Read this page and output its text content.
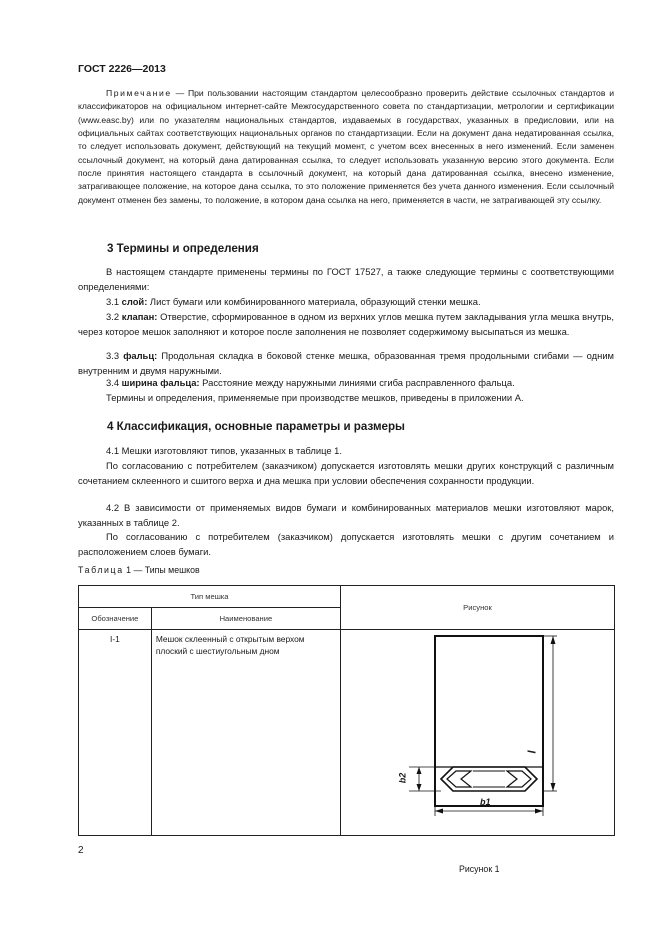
ГОСТ 2226—2013
Примечание — При пользовании настоящим стандартом целесообразно проверить действие ссылочных стандартов и классификаторов на официальном интернет-сайте Межгосударственного совета по стандартизации, метрологии и сертификации (www.easc.by) или по указателям национальных стандартов, издаваемых в государствах, указанных в предисловии, или на официальных сайтах соответствующих национальных органов по стандартизации. Если на документ дана недатированная ссылка, то следует использовать документ, действующий на текущий момент, с учетом всех внесенных в него изменений. Если заменен ссылочный документ, на который дана датированная ссылка, то следует использовать указанную версию этого документа. Если после принятия настоящего стандарта в ссылочный документ, на который дана датированная ссылка, внесено изменение, затрагивающее положение, на которое дана ссылка, то это положение применяется без учета данного изменения. Если ссылочный документ отменен без замены, то положение, в котором дана ссылка на него, применяется в части, не затрагивающей эту ссылку.
3 Термины и определения

В настоящем стандарте применены термины по ГОСТ 17527, а также следующие термины с соответствующими определениями:

3.1 слой: Лист бумаги или комбинированного материала, образующий стенки мешка.

3.2 клапан: Отверстие, сформированное в одном из верхних углов мешка путем закладывания угла мешка внутрь, через которое мешок заполняют и которое после заполнения не позволяет содержимому высыпаться из мешка.

3.3 фальц: Продольная складка в боковой стенке мешка, образованная тремя продольными сгибами — одним внутренним и двумя наружными.

3.4 ширина фальца: Расстояние между наружными линиями сгиба расправленного фальца.

Термины и определения, применяемые при производстве мешков, приведены в приложении А.

4 Классификация, основные параметры и размеры

4.1 Мешки изготовляют типов, указанных в таблице 1.

По согласованию с потребителем (заказчиком) допускается изготовлять мешки других конструкций с различным сочетанием склеенного и сшитого верха и дна мешка при условии обеспечения сохранности продукции.

4.2 В зависимости от применяемых видов бумаги и комбинированных материалов мешки изготовляют марок, указанных в таблице 2.

По согласованию с потребителем (заказчиком) допускается изготовлять мешки с другим сочетанием и расположением слоев бумаги.

Таблица 1 — Типы мешков
Тип мешка		Рисунок
Обозначение	Наименование	
I-1	Мешок склеенный с открытым верхом плоский с шестиугольным дном	l
b2
b1
Рисунок 1
2
